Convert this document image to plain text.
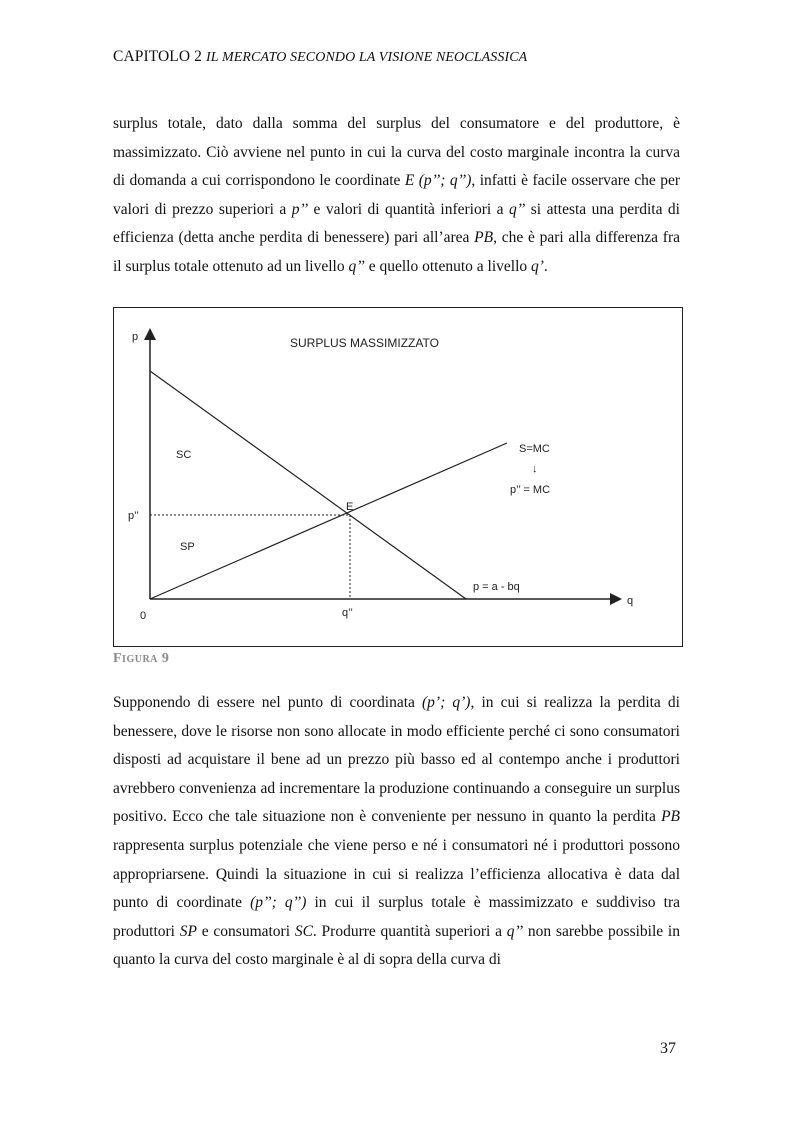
CAPITOLO 2 IL MERCATO SECONDO LA VISIONE NEOCLASSICA

surplus totale, dato dalla somma del surplus del consumatore e del produttore, è massimizzato. Ciò avviene nel punto in cui la curva del costo marginale incontra la curva di domanda a cui corrispondono le coordinate E (p’’; q’’), infatti è facile osservare che per valori di prezzo superiori a p’’ e valori di quantità inferiori a q’’ si attesta una perdita di efficienza (detta anche perdita di benessere) pari all’area PB, che è pari alla differenza fra il surplus totale ottenuto ad un livello q’’ e quello ottenuto a livello q’.

SURPLUS MASSIMIZZATO
p
q
0
SC
SP
E
p’’
q’’
S=MC
↓
p’’ = MC
p = a - bq
Figura 9

Supponendo di essere nel punto di coordinata (p’; q’), in cui si realizza la perdita di benessere, dove le risorse non sono allocate in modo efficiente perché ci sono consumatori disposti ad acquistare il bene ad un prezzo più basso ed al contempo anche i produttori avrebbero convenienza ad incrementare la produzione continuando a conseguire un surplus positivo. Ecco che tale situazione non è conveniente per nessuno in quanto la perdita PB rappresenta surplus potenziale che viene perso e né i consumatori né i produttori possono appropriarsene. Quindi la situazione in cui si realizza l’efficienza allocativa è data dal punto di coordinate (p’’; q’’) in cui il surplus totale è massimizzato e suddiviso tra produttori SP e consumatori SC. Produrre quantità superiori a q’’ non sarebbe possibile in quanto la curva del costo marginale è al di sopra della curva di

37
